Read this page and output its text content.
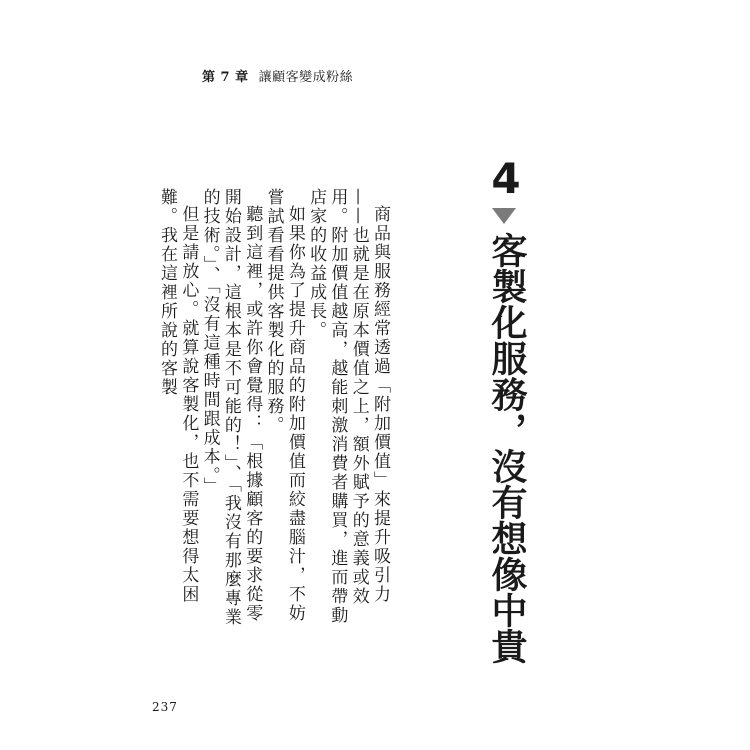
第 7 章 讓顧客變成粉絲
4
客製化服務，沒有想像中貴

商品與服務經常透過「附加價值」來提升吸引力——也就是在原本價值之上，額外賦予的意義或效用。附加價值越高，越能刺激消費者購買，進而帶動店家的收益成長。

如果你為了提升商品的附加價值而絞盡腦汁，不妨嘗試看看提供客製化的服務。

聽到這裡，或許你會覺得：「根據顧客的要求從零開始設計，這根本是不可能的！」、「我沒有那麼專業的技術。」、「沒有這種時間跟成本。」

但是請放心。就算說客製化，也不需要想得太困難。我在這裡所說的客製

237
